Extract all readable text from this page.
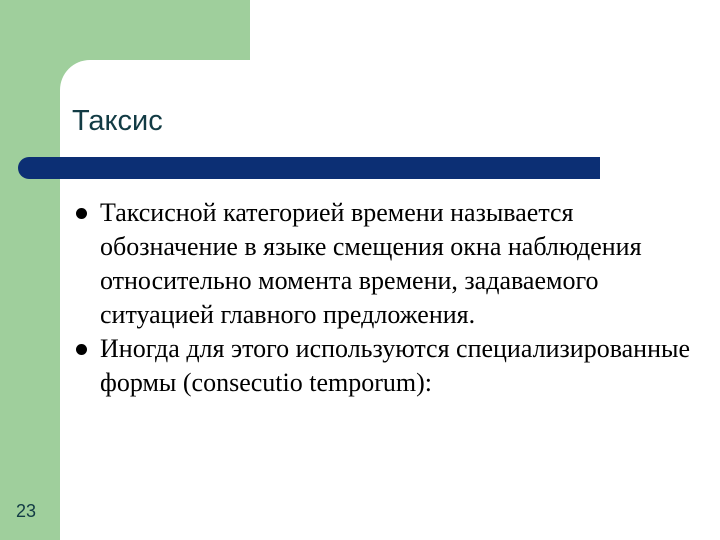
Таксис
Таксисной категорией времени называется обозначение в языке смещения окна наблюдения относительно момента времени, задаваемого ситуацией главного предложения.
Иногда для этого используются специализированные формы (consecutio temporum):
23
